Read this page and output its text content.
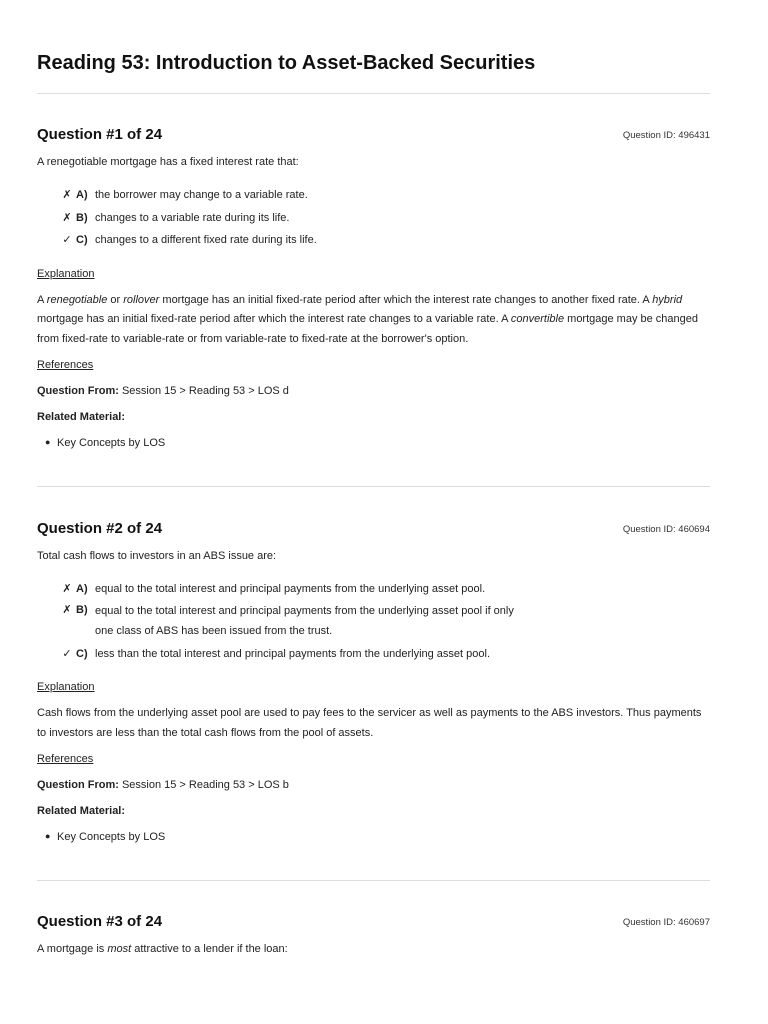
Reading 53: Introduction to Asset-Backed Securities
Question #1 of 24	Question ID: 496431
A renegotiable mortgage has a fixed interest rate that:
✗ A) the borrower may change to a variable rate.
✗ B) changes to a variable rate during its life.
✓ C) changes to a different fixed rate during its life.
Explanation
A renegotiable or rollover mortgage has an initial fixed-rate period after which the interest rate changes to another fixed rate. A hybrid mortgage has an initial fixed-rate period after which the interest rate changes to a variable rate. A convertible mortgage may be changed from fixed-rate to variable-rate or from variable-rate to fixed-rate at the borrower's option.
References
Question From: Session 15 > Reading 53 > LOS d
Related Material:
● Key Concepts by LOS
Question #2 of 24	Question ID: 460694
Total cash flows to investors in an ABS issue are:
✗ A) equal to the total interest and principal payments from the underlying asset pool.
✗ B) equal to the total interest and principal payments from the underlying asset pool if only
one class of ABS has been issued from the trust.
✓ C) less than the total interest and principal payments from the underlying asset pool.
Explanation
Cash flows from the underlying asset pool are used to pay fees to the servicer as well as payments to the ABS investors. Thus payments to investors are less than the total cash flows from the pool of assets.
References
Question From: Session 15 > Reading 53 > LOS b
Related Material:
● Key Concepts by LOS
Question #3 of 24	Question ID: 460697
A mortgage is most attractive to a lender if the loan:
